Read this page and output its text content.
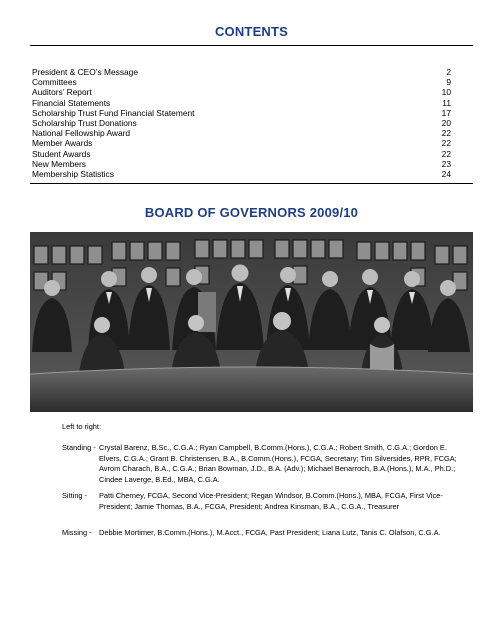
CONTENTS
President & CEO’s Message	2
Committees	9
Auditors’ Report	10
Financial Statements	11
Scholarship Trust Fund Financial Statement	17
Scholarship Trust Donations	20
National Fellowship Award	22
Member Awards	22
Student Awards	22
New Members	23
Membership Statistics	24
BOARD OF GOVERNORS 2009/10
Left to right:
Standing - Crystal Barenz, B.Sc., C.G.A.; Ryan Campbell, B.Comm.(Hons.), C.G.A.; Robert Smith, C.G.A.; Gordon E. Elvers, C.G.A.; Grant B. Christensen, B.A., B.Comm.(Hons.), FCGA, Secretary; Tim Silversides, RPR, FCGA; Avrom Charach, B.A., C.G.A.; Brian Bowman, J.D., B.A. (Adv.); Michael Benarroch, B.A.(Hons.), M.A., Ph.D.; Cindee Laverge, B.Ed., MBA, C.G.A.
Sitting -	Patti Cherney, FCGA, Second Vice-President; Regan Windsor, B.Comm.(Hons.), MBA, FCGA, First Vice-President; Jamie Thomas, B.A., FCGA, President; Andrea Kinsman, B.A., C.G.A., Treasurer
Missing -	Debbie Mortimer, B.Comm.(Hons.), M.Acct., FCGA, Past President; Liana Lutz, Tanis C. Olafson, C.G.A.
